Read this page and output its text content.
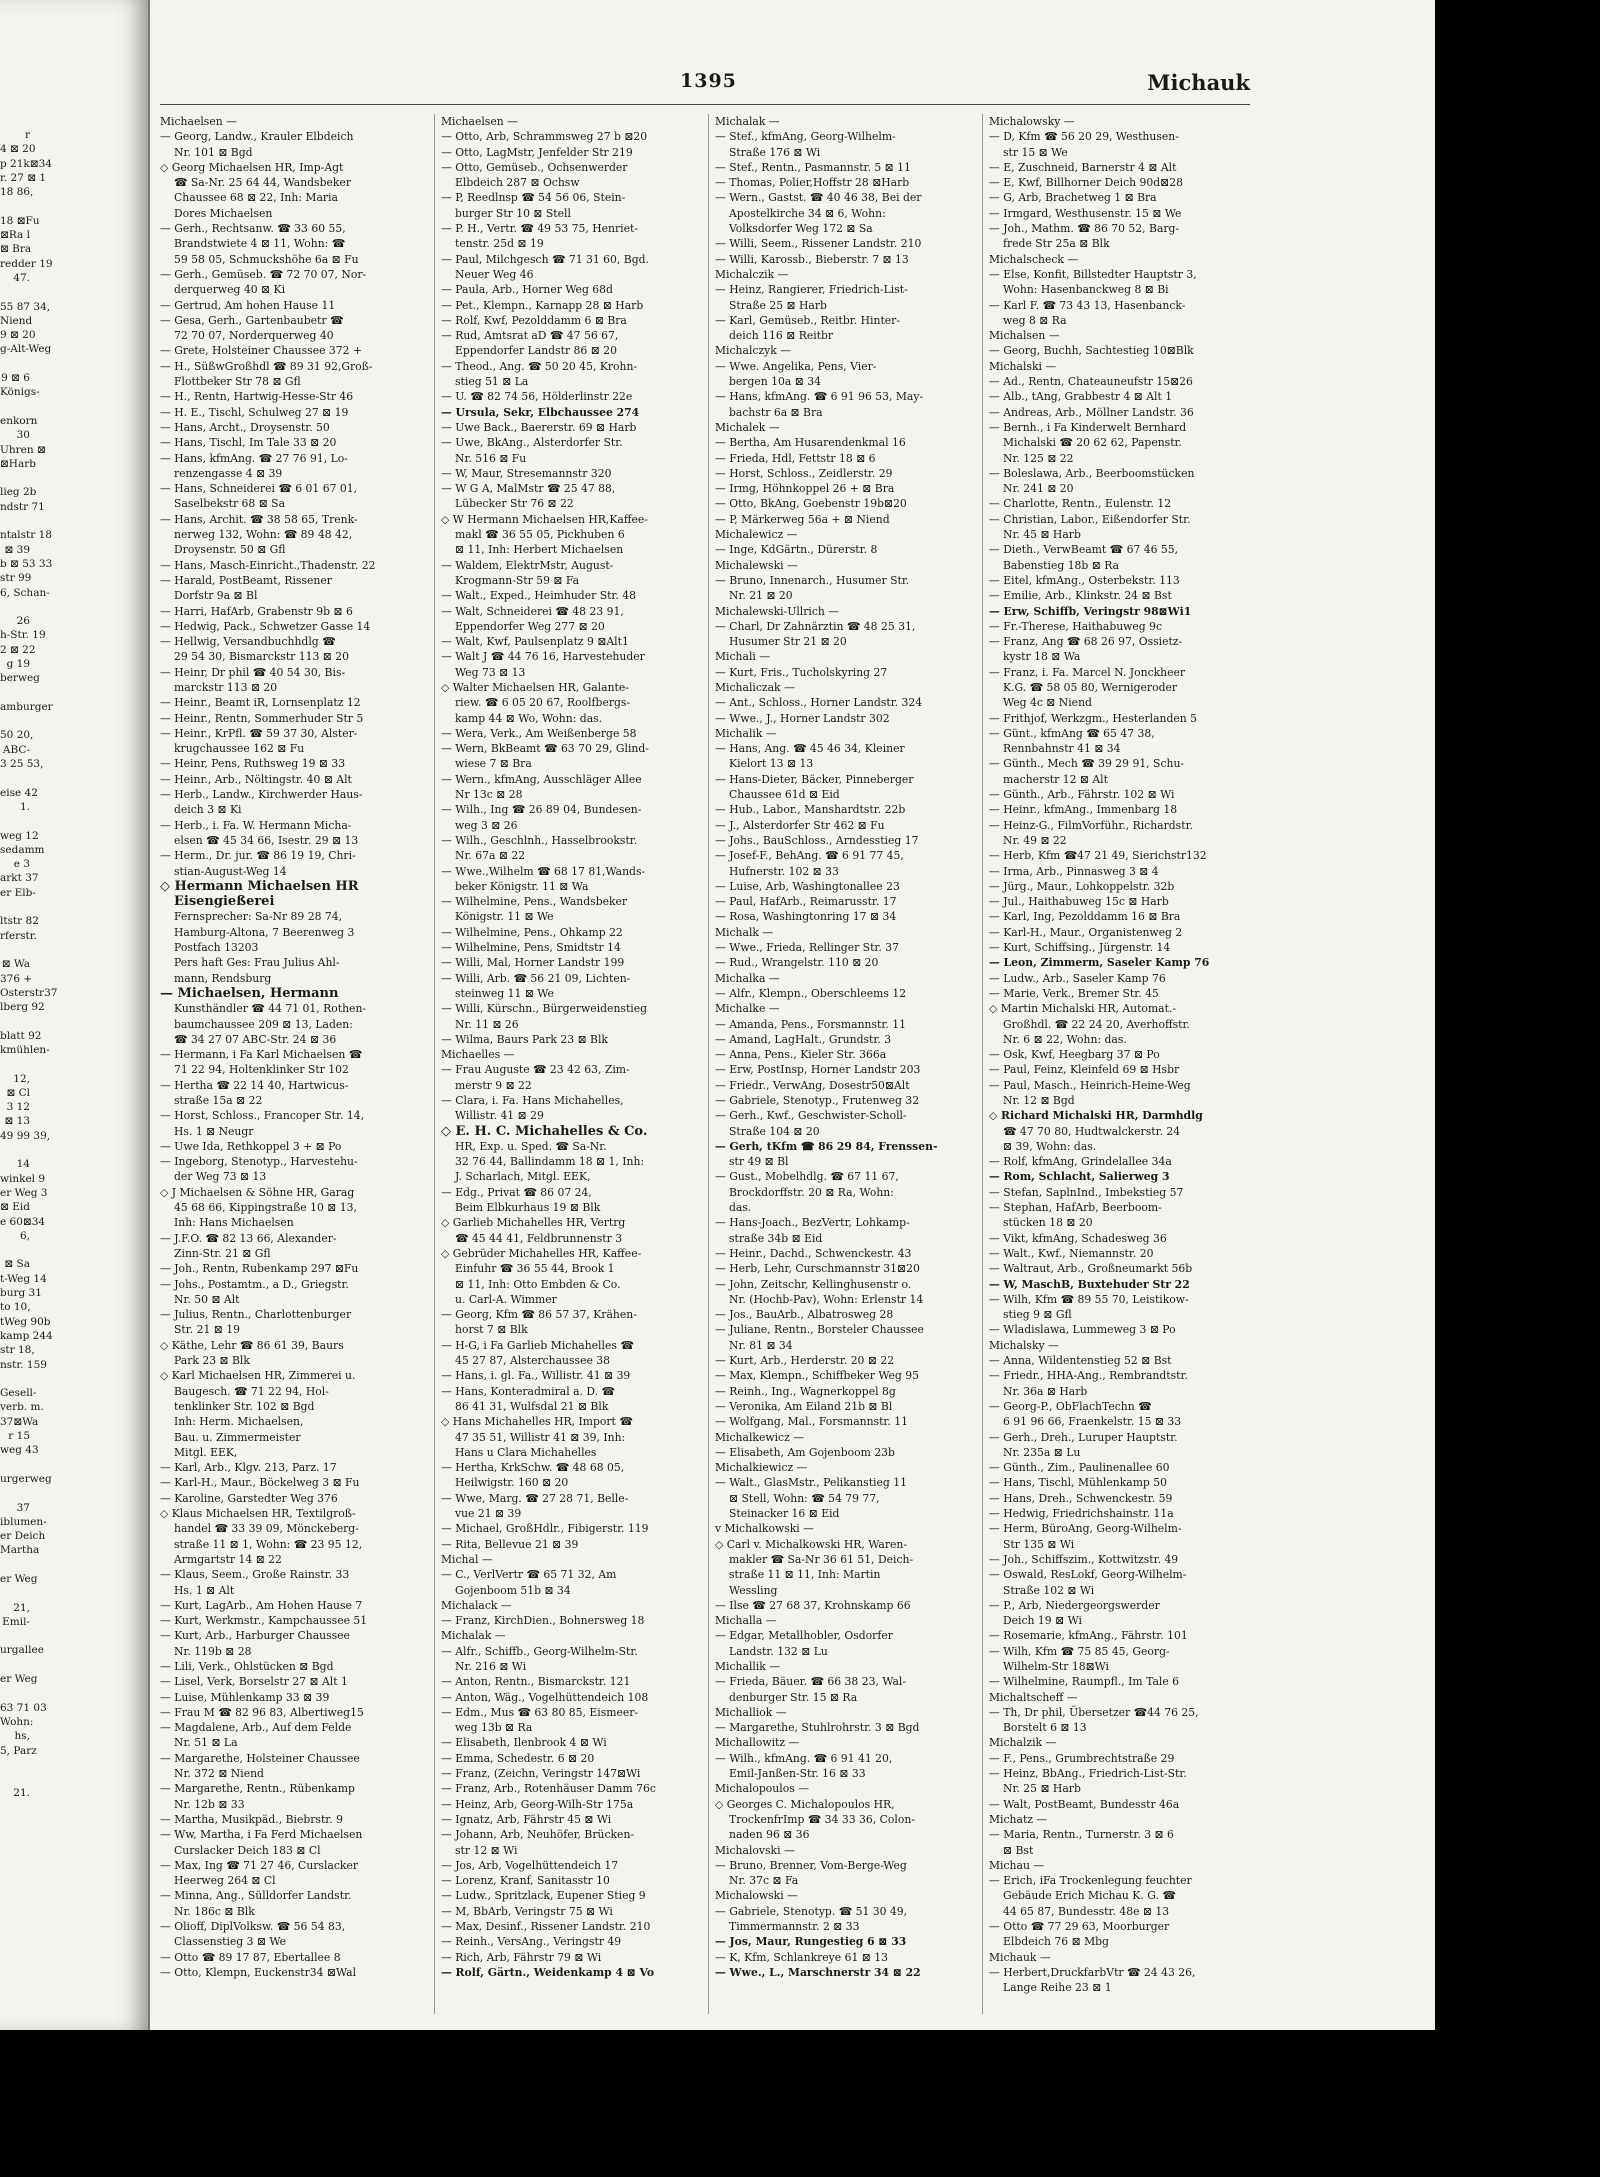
r
4 ⊠ 20
p 21k⊠34
r. 27 ⊠ 1
18 86,

18 ⊠Fu
⊠Ra l
⊠ Bra
redder 19
47.

55 87 34,
Niend
9 ⊠ 20
g-Alt-Weg

9 ⊠ 6
Königs-

enkorn
30
Uhren ⊠
⊠Harb

lieg 2b
ndstr 71

ntalstr 18
⊠ 39
b ⊠ 53 33
str 99
6, Schan-

26
h-Str. 19
2 ⊠ 22
g 19
berweg

amburger

50 20,
ABC-
3 25 53,

eise 42
1.

weg 12
sedamm
e 3
arkt 37
er Elb-

ltstr 82
rferstr.

⊠ Wa
376 +
Osterstr37
lberg 92

blatt 92
kmühlen-

12,
⊠ Cl
3 12
⊠ 13
49 99 39,

14
winkel 9
er Weg 3
⊠ Eid
e 60⊠34
6,

⊠ Sa
t-Weg 14
burg 31
to 10,
tWeg 90b
kamp 244
str 18,
nstr. 159

Gesell-
verb. m.
37⊠Wa
r 15
weg 43

urgerweg

37
iblumen-
er Deich
Martha

er Weg

21,
Emil-

urgallee

er Weg

63 71 03
Wohn:
hs,
5, Parz

21.
1395	Michauk
Michaelsen —
— Georg, Landw., Krauler Elbdeich
Nr. 101 ⊠ Bgd
◇ Georg Michaelsen HR, Imp-Agt
☎ Sa-Nr. 25 64 44, Wandsbeker
Chaussee 68 ⊠ 22, Inh: Maria
Dores Michaelsen
— Gerh., Rechtsanw. ☎ 33 60 55,
Brandstwiete 4 ⊠ 11, Wohn: ☎
59 58 05, Schmuckshöhe 6a ⊠ Fu
— Gerh., Gemüseb. ☎ 72 70 07, Nor-
derquerweg 40 ⊠ Ki
— Gertrud, Am hohen Hause 11
— Gesa, Gerh., Gartenbaubetr ☎
72 70 07, Norderquerweg 40
— Grete, Holsteiner Chaussee 372 +
— H., SüßwGroßhdl ☎ 89 31 92,Groß-
Flottbeker Str 78 ⊠ Gfl
— H., Rentn, Hartwig-Hesse-Str 46
— H. E., Tischl, Schulweg 27 ⊠ 19
— Hans, Archt., Droysenstr. 50
— Hans, Tischl, Im Tale 33 ⊠ 20
— Hans, kfmAng. ☎ 27 76 91, Lo-
renzengasse 4 ⊠ 39
— Hans, Schneiderei ☎ 6 01 67 01,
Saselbekstr 68 ⊠ Sa
— Hans, Archit. ☎ 38 58 65, Trenk-
nerweg 132, Wohn: ☎ 89 48 42,
Droysenstr. 50 ⊠ Gfl
— Hans, Masch-Einricht.,Thadenstr. 22
— Harald, PostBeamt, Rissener
Dorfstr 9a ⊠ Bl
— Harri, HafArb, Grabenstr 9b ⊠ 6
— Hedwig, Pack., Schwetzer Gasse 14
— Hellwig, Versandbuchhdlg ☎
29 54 30, Bismarckstr 113 ⊠ 20
— Heinr, Dr phil ☎ 40 54 30, Bis-
marckstr 113 ⊠ 20
— Heinr., Beamt iR, Lornsenplatz 12
— Heinr., Rentn, Sommerhuder Str 5
— Heinr., KrPfl. ☎ 59 37 30, Alster-
krugchaussee 162 ⊠ Fu
— Heinr, Pens, Ruthsweg 19 ⊠ 33
— Heinr., Arb., Nöltingstr. 40 ⊠ Alt
— Herb., Landw., Kirchwerder Haus-
deich 3 ⊠ Ki
— Herb., i. Fa. W. Hermann Micha-
elsen ☎ 45 34 66, Isestr. 29 ⊠ 13
— Herm., Dr. jur. ☎ 86 19 19, Chri-
stian-August-Weg 14
◇ Hermann Michaelsen HR
Eisengießerei
Fernsprecher: Sa-Nr 89 28 74,
Hamburg-Altona, 7 Beerenweg 3
Postfach 13203
Pers haft Ges: Frau Julius Ahl-
mann, Rendsburg
— Michaelsen, Hermann
Kunsthändler ☎ 44 71 01, Rothen-
baumchaussee 209 ⊠ 13, Laden:
☎ 34 27 07 ABC-Str. 24 ⊠ 36
— Hermann, i Fa Karl Michaelsen ☎
71 22 94, Holtenklinker Str 102
— Hertha ☎ 22 14 40, Hartwicus-
straße 15a ⊠ 22
— Horst, Schloss., Francoper Str. 14,
Hs. 1 ⊠ Neugr
— Uwe Ida, Rethkoppel 3 + ⊠ Po
— Ingeborg, Stenotyp., Harvestehu-
der Weg 73 ⊠ 13
◇ J Michaelsen & Söhne HR, Garag
45 68 66, Kippingstraße 10 ⊠ 13,
Inh: Hans Michaelsen
— J.F.O. ☎ 82 13 66, Alexander-
Zinn-Str. 21 ⊠ Gfl
— Joh., Rentn, Rubenkamp 297 ⊠Fu
— Johs., Postamtm., a D., Griegstr.
Nr. 50 ⊠ Alt
— Julius, Rentn., Charlottenburger
Str. 21 ⊠ 19
◇ Käthe, Lehr ☎ 86 61 39, Baurs
Park 23 ⊠ Blk
◇ Karl Michaelsen HR, Zimmerei u.
Baugesch. ☎ 71 22 94, Hol-
tenklinker Str. 102 ⊠ Bgd
Inh: Herm. Michaelsen,
Bau. u. Zimmermeister
Mitgl. EEK,
— Karl, Arb., Klgv. 213, Parz. 17
— Karl-H., Maur., Böckelweg 3 ⊠ Fu
— Karoline, Garstedter Weg 376
◇ Klaus Michaelsen HR, Textilgroß-
handel ☎ 33 39 09, Mönckeberg-
straße 11 ⊠ 1, Wohn: ☎ 23 95 12,
Armgartstr 14 ⊠ 22
— Klaus, Seem., Große Rainstr. 33
Hs. 1 ⊠ Alt
— Kurt, LagArb., Am Hohen Hause 7
— Kurt, Werkmstr., Kampchaussee 51
— Kurt, Arb., Harburger Chaussee
Nr. 119b ⊠ 28
— Lili, Verk., Ohlstücken ⊠ Bgd
— Lisel, Verk, Borselstr 27 ⊠ Alt 1
— Luise, Mühlenkamp 33 ⊠ 39
— Frau M ☎ 82 96 83, Albertiweg15
— Magdalene, Arb., Auf dem Felde
Nr. 51 ⊠ La
— Margarethe, Holsteiner Chaussee
Nr. 372 ⊠ Niend
— Margarethe, Rentn., Rübenkamp
Nr. 12b ⊠ 33
— Martha, Musikpäd., Biebrstr. 9
— Ww, Martha, i Fa Ferd Michaelsen
Curslacker Deich 183 ⊠ Cl
— Max, Ing ☎ 71 27 46, Curslacker
Heerweg 264 ⊠ Cl
— Minna, Ang., Sülldorfer Landstr.
Nr. 186c ⊠ Blk
— Olioff, DiplVolksw. ☎ 56 54 83,
Classenstieg 3 ⊠ We
— Otto ☎ 89 17 87, Ebertallee 8
— Otto, Klempn, Euckenstr34 ⊠Wal
Michaelsen —
— Otto, Arb, Schrammsweg 27 b ⊠20
— Otto, LagMstr, Jenfelder Str 219
— Otto, Gemüseb., Ochsenwerder
Elbdeich 287 ⊠ Ochsw
— P, Reedlnsp ☎ 54 56 06, Stein-
burger Str 10 ⊠ Stell
— P. H., Vertr. ☎ 49 53 75, Henriet-
tenstr. 25d ⊠ 19
— Paul, Milchgesch ☎ 71 31 60, Bgd.
Neuer Weg 46
— Paula, Arb., Horner Weg 68d
— Pet., Klempn., Karnapp 28 ⊠ Harb
— Rolf, Kwf, Pezolddamm 6 ⊠ Bra
— Rud, Amtsrat aD ☎ 47 56 67,
Eppendorfer Landstr 86 ⊠ 20
— Theod., Ang. ☎ 50 20 45, Krohn-
stieg 51 ⊠ La
— U. ☎ 82 74 56, Hölderlinstr 22e
— Ursula, Sekr, Elbchaussee 274
— Uwe Back., Baererstr. 69 ⊠ Harb
— Uwe, BkAng., Alsterdorfer Str.
Nr. 516 ⊠ Fu
— W, Maur, Stresemannstr 320
— W G A, MalMstr ☎ 25 47 88,
Lübecker Str 76 ⊠ 22
◇ W Hermann Michaelsen HR,Kaffee-
makl ☎ 36 55 05, Pickhuben 6
⊠ 11, Inh: Herbert Michaelsen
— Waldem, ElektrMstr, August-
Krogmann-Str 59 ⊠ Fa
— Walt., Exped., Heimhuder Str. 48
— Walt, Schneiderei ☎ 48 23 91,
Eppendorfer Weg 277 ⊠ 20
— Walt, Kwf, Paulsenplatz 9 ⊠Alt1
— Walt J ☎ 44 76 16, Harvestehuder
Weg 73 ⊠ 13
◇ Walter Michaelsen HR, Galante-
riew. ☎ 6 05 20 67, Roolfbergs-
kamp 44 ⊠ Wo, Wohn: das.
— Wera, Verk., Am Weißenberge 58
— Wern, BkBeamt ☎ 63 70 29, Glind-
wiese 7 ⊠ Bra
— Wern., kfmAng, Ausschläger Allee
Nr 13c ⊠ 28
— Wilh., Ing ☎ 26 89 04, Bundesen-
weg 3 ⊠ 26
— Wilh., Geschlnh., Hasselbrookstr.
Nr. 67a ⊠ 22
— Wwe.,Wilhelm ☎ 68 17 81,Wands-
beker Königstr. 11 ⊠ Wa
— Wilhelmine, Pens., Wandsbeker
Königstr. 11 ⊠ We
— Wilhelmine, Pens., Ohkamp 22
— Wilhelmine, Pens, Smidtstr 14
— Willi, Mal, Horner Landstr 199
— Willi, Arb. ☎ 56 21 09, Lichten-
steinweg 11 ⊠ We
— Willi, Kürschn., Bürgerweidenstieg
Nr. 11 ⊠ 26
— Wilma, Baurs Park 23 ⊠ Blk
Michaelles —
— Frau Auguste ☎ 23 42 63, Zim-
merstr 9 ⊠ 22
— Clara, i. Fa. Hans Michahelles,
Willistr. 41 ⊠ 29
◇ E. H. C. Michahelles & Co.
HR, Exp. u. Sped. ☎ Sa-Nr.
32 76 44, Ballindamm 18 ⊠ 1, Inh:
J. Scharlach, Mitgl. EEK,
— Edg., Privat ☎ 86 07 24,
Beim Elbkurhaus 19 ⊠ Blk
◇ Garlieb Michahelles HR, Vertrg
☎ 45 44 41, Feldbrunnenstr 3
◇ Gebrüder Michahelles HR, Kaffee-
Einfuhr ☎ 36 55 44, Brook 1
⊠ 11, Inh: Otto Embden & Co.
u. Carl-A. Wimmer
— Georg, Kfm ☎ 86 57 37, Krähen-
horst 7 ⊠ Blk
— H-G, i Fa Garlieb Michahelles ☎
45 27 87, Alsterchaussee 38
— Hans, i. gl. Fa., Willistr. 41 ⊠ 39
— Hans, Konteradmiral a. D. ☎
86 41 31, Wulfsdal 21 ⊠ Blk
◇ Hans Michahelles HR, Import ☎
47 35 51, Willistr 41 ⊠ 39, Inh:
Hans u Clara Michahelles
— Hertha, KrkSchw. ☎ 48 68 05,
Heilwigstr. 160 ⊠ 20
— Wwe, Marg. ☎ 27 28 71, Belle-
vue 21 ⊠ 39
— Michael, GroßHdlr., Fibigerstr. 119
— Rita, Bellevue 21 ⊠ 39
Michal —
— C., VerlVertr ☎ 65 71 32, Am
Gojenboom 51b ⊠ 34
Michalack —
— Franz, KirchDien., Bohnersweg 18
Michalak —
— Alfr., Schiffb., Georg-Wilhelm-Str.
Nr. 216 ⊠ Wi
— Anton, Rentn., Bismarckstr. 121
— Anton, Wäg., Vogelhüttendeich 108
— Edm., Mus ☎ 63 80 85, Eismeer-
weg 13b ⊠ Ra
— Elisabeth, Ilenbrook 4 ⊠ Wi
— Emma, Schedestr. 6 ⊠ 20
— Franz, (Zeichn, Veringstr 147⊠Wi
— Franz, Arb., Rotenhäuser Damm 76c
— Heinz, Arb, Georg-Wilh-Str 175a
— Ignatz, Arb, Fährstr 45 ⊠ Wi
— Johann, Arb, Neuhöfer, Brücken-
str 12 ⊠ Wi
— Jos, Arb, Vogelhüttendeich 17
— Lorenz, Kranf, Sanitasstr 10
— Ludw., Spritzlack, Eupener Stieg 9
— M, BbArb, Veringstr 75 ⊠ Wi
— Max, Desinf., Rissener Landstr. 210
— Reinh., VersAng., Veringstr 49
— Rich, Arb, Fährstr 79 ⊠ Wi
— Rolf, Gärtn., Weidenkamp 4 ⊠ Vo
Michalak —
— Stef., kfmAng, Georg-Wilhelm-
Straße 176 ⊠ Wi
— Stef., Rentn., Pasmannstr. 5 ⊠ 11
— Thomas, Polier,Hoffstr 28 ⊠Harb
— Wern., Gastst. ☎ 40 46 38, Bei der
Apostelkirche 34 ⊠ 6, Wohn:
Volksdorfer Weg 172 ⊠ Sa
— Willi, Seem., Rissener Landstr. 210
— Willi, Karossb., Bieberstr. 7 ⊠ 13
Michalczik —
— Heinz, Rangierer, Friedrich-List-
Straße 25 ⊠ Harb
— Karl, Gemüseb., Reitbr. Hinter-
deich 116 ⊠ Reitbr
Michalczyk —
— Wwe. Angelika, Pens, Vier-
bergen 10a ⊠ 34
— Hans, kfmAng. ☎ 6 91 96 53, May-
bachstr 6a ⊠ Bra
Michalek —
— Bertha, Am Husarendenkmal 16
— Frieda, Hdl, Fettstr 18 ⊠ 6
— Horst, Schloss., Zeidlerstr. 29
— Irmg, Höhnkoppel 26 + ⊠ Bra
— Otto, BkAng, Goebenstr 19b⊠20
— P, Märkerweg 56a + ⊠ Niend
Michalewicz —
— Inge, KdGärtn., Dürerstr. 8
Michalewski —
— Bruno, Innenarch., Husumer Str.
Nr. 21 ⊠ 20
Michalewski-Ullrich —
— Charl, Dr Zahnärztin ☎ 48 25 31,
Husumer Str 21 ⊠ 20
Michali —
— Kurt, Fris., Tucholskyring 27
Michaliczak —
— Ant., Schloss., Horner Landstr. 324
— Wwe., J., Horner Landstr 302
Michalik —
— Hans, Ang. ☎ 45 46 34, Kleiner
Kielort 13 ⊠ 13
— Hans-Dieter, Bäcker, Pinneberger
Chaussee 61d ⊠ Eid
— Hub., Labor., Manshardtstr. 22b
— J., Alsterdorfer Str 462 ⊠ Fu
— Johs., BauSchloss., Arndesstieg 17
— Josef-F., BehAng. ☎ 6 91 77 45,
Hufnerstr. 102 ⊠ 33
— Luise, Arb, Washingtonallee 23
— Paul, HafArb., Reimarusstr. 17
— Rosa, Washingtonring 17 ⊠ 34
Michalk —
— Wwe., Frieda, Rellinger Str. 37
— Rud., Wrangelstr. 110 ⊠ 20
Michalka —
— Alfr., Klempn., Oberschleems 12
Michalke —
— Amanda, Pens., Forsmannstr. 11
— Amand, LagHalt., Grundstr. 3
— Anna, Pens., Kieler Str. 366a
— Erw, PostInsp, Horner Landstr 203
— Friedr., VerwAng, Dosestr50⊠Alt
— Gabriele, Stenotyp., Frutenweg 32
— Gerh., Kwf., Geschwister-Scholl-
Straße 104 ⊠ 20
— Gerh, tKfm ☎ 86 29 84, Frenssen-
str 49 ⊠ Bl
— Gust., Mobelhdlg. ☎ 67 11 67,
Brockdorffstr. 20 ⊠ Ra, Wohn:
das.
— Hans-Joach., BezVertr, Lohkamp-
straße 34b ⊠ Eid
— Heinr., Dachd., Schwenckestr. 43
— Herb, Lehr, Curschmannstr 31⊠20
— John, Zeitschr, Kellinghusenstr o.
Nr. (Hochb-Pav), Wohn: Erlenstr 14
— Jos., BauArb., Albatrosweg 28
— Juliane, Rentn., Borsteler Chaussee
Nr. 81 ⊠ 34
— Kurt, Arb., Herderstr. 20 ⊠ 22
— Max, Klempn., Schiffbeker Weg 95
— Reinh., Ing., Wagnerkoppel 8g
— Veronika, Am Eiland 21b ⊠ Bl
— Wolfgang, Mal., Forsmannstr. 11
Michalkewicz —
— Elisabeth, Am Gojenboom 23b
Michalkiewicz —
— Walt., GlasMstr., Pelikanstieg 11
⊠ Stell, Wohn: ☎ 54 79 77,
Steinacker 16 ⊠ Eid
v Michalkowski —
◇ Carl v. Michalkowski HR, Waren-
makler ☎ Sa-Nr 36 61 51, Deich-
straße 11 ⊠ 11, Inh: Martin
Wessling
— Ilse ☎ 27 68 37, Krohnskamp 66
Michalla —
— Edgar, Metallhobler, Osdorfer
Landstr. 132 ⊠ Lu
Michallik —
— Frieda, Bäuer. ☎ 66 38 23, Wal-
denburger Str. 15 ⊠ Ra
Michalliok —
— Margarethe, Stuhlrohrstr. 3 ⊠ Bgd
Michallowitz —
— Wilh., kfmAng. ☎ 6 91 41 20,
Emil-Janßen-Str. 16 ⊠ 33
Michalopoulos —
◇ Georges C. Michalopoulos HR,
TrockenfrImp ☎ 34 33 36, Colon-
naden 96 ⊠ 36
Michalovski —
— Bruno, Brenner, Vom-Berge-Weg
Nr. 37c ⊠ Fa
Michalowski —
— Gabriele, Stenotyp. ☎ 51 30 49,
Timmermannstr. 2 ⊠ 33
— Jos, Maur, Rungestieg 6 ⊠ 33
— K, Kfm, Schlankreye 61 ⊠ 13
— Wwe., L., Marschnerstr 34 ⊠ 22
Michalowsky —
— D, Kfm ☎ 56 20 29, Westhusen-
str 15 ⊠ We
— E, Zuschneid, Barnerstr 4 ⊠ Alt
— E, Kwf, Billhorner Deich 90d⊠28
— G, Arb, Brachetweg 1 ⊠ Bra
— Irmgard, Westhusenstr. 15 ⊠ We
— Joh., Mathm. ☎ 86 70 52, Barg-
frede Str 25a ⊠ Blk
Michalscheck —
— Else, Konfit, Billstedter Hauptstr 3,
Wohn: Hasenbanckweg 8 ⊠ Bi
— Karl F. ☎ 73 43 13, Hasenbanck-
weg 8 ⊠ Ra
Michalsen —
— Georg, Buchh, Sachtestieg 10⊠Blk
Michalski —
— Ad., Rentn, Chateauneufstr 15⊠26
— Alb., tAng, Grabbestr 4 ⊠ Alt 1
— Andreas, Arb., Möllner Landstr. 36
— Bernh., i Fa Kinderwelt Bernhard
Michalski ☎ 20 62 62, Papenstr.
Nr. 125 ⊠ 22
— Boleslawa, Arb., Beerboomstücken
Nr. 241 ⊠ 20
— Charlotte, Rentn., Eulenstr. 12
— Christian, Labor., Eißendorfer Str.
Nr. 45 ⊠ Harb
— Dieth., VerwBeamt ☎ 67 46 55,
Babenstieg 18b ⊠ Ra
— Eitel, kfmAng., Osterbekstr. 113
— Emilie, Arb., Klinkstr. 24 ⊠ Bst
— Erw, Schiffb, Veringstr 98⊠Wi1
— Fr.-Therese, Haithabuweg 9c
— Franz, Ang ☎ 68 26 97, Ossietz-
kystr 18 ⊠ Wa
— Franz, i. Fa. Marcel N. Jonckheer
K.G. ☎ 58 05 80, Wernigeroder
Weg 4c ⊠ Niend
— Frithjof, Werkzgm., Hesterlanden 5
— Günt., kfmAng ☎ 65 47 38,
Rennbahnstr 41 ⊠ 34
— Günth., Mech ☎ 39 29 91, Schu-
macherstr 12 ⊠ Alt
— Günth., Arb., Fährstr. 102 ⊠ Wi
— Heinr., kfmAng., Immenbarg 18
— Heinz-G., FilmVorführ., Richardstr.
Nr. 49 ⊠ 22
— Herb, Kfm ☎47 21 49, Sierichstr132
— Irma, Arb., Pinnasweg 3 ⊠ 4
— Jürg., Maur., Lohkoppelstr. 32b
— Jul., Haithabuweg 15c ⊠ Harb
— Karl, Ing, Pezolddamm 16 ⊠ Bra
— Karl-H., Maur., Organistenweg 2
— Kurt, Schiffsing., Jürgenstr. 14
— Leon, Zimmerm, Saseler Kamp 76
— Ludw., Arb., Saseler Kamp 76
— Marie, Verk., Bremer Str. 45
◇ Martin Michalski HR, Automat.-
Großhdl. ☎ 22 24 20, Averhoffstr.
Nr. 6 ⊠ 22, Wohn: das.
— Osk, Kwf, Heegbarg 37 ⊠ Po
— Paul, Feinz, Kleinfeld 69 ⊠ Hsbr
— Paul, Masch., Heinrich-Heine-Weg
Nr. 12 ⊠ Bgd
◇ Richard Michalski HR, Darmhdlg
☎ 47 70 80, Hudtwalckerstr. 24
⊠ 39, Wohn: das.
— Rolf, kfmAng, Grindelallee 34a
— Rom, Schlacht, Salierweg 3
— Stefan, SaplnInd., Imbekstieg 57
— Stephan, HafArb, Beerboom-
stücken 18 ⊠ 20
— Vikt, kfmAng, Schadesweg 36
— Walt., Kwf., Niemannstr. 20
— Waltraut, Arb., Großneumarkt 56b
— W, MaschB, Buxtehuder Str 22
— Wilh, Kfm ☎ 89 55 70, Leistikow-
stieg 9 ⊠ Gfl
— Wladislawa, Lummeweg 3 ⊠ Po
Michalsky —
— Anna, Wildentenstieg 52 ⊠ Bst
— Friedr., HHA-Ang., Rembrandtstr.
Nr. 36a ⊠ Harb
— Georg-P., ObFlachTechn ☎
6 91 96 66, Fraenkelstr. 15 ⊠ 33
— Gerh., Dreh., Luruper Hauptstr.
Nr. 235a ⊠ Lu
— Günth., Zim., Paulinenallee 60
— Hans, Tischl, Mühlenkamp 50
— Hans, Dreh., Schwenckestr. 59
— Hedwig, Friedrichshainstr. 11a
— Herm, BüroAng, Georg-Wilhelm-
Str 135 ⊠ Wi
— Joh., Schiffszim., Kottwitzstr. 49
— Oswald, ResLokf, Georg-Wilhelm-
Straße 102 ⊠ Wi
— P., Arb, Niedergeorgswerder
Deich 19 ⊠ Wi
— Rosemarie, kfmAng., Fährstr. 101
— Wilh, Kfm ☎ 75 85 45, Georg-
Wilhelm-Str 18⊠Wi
— Wilhelmine, Raumpfl., Im Tale 6
Michaltscheff —
— Th, Dr phil, Übersetzer ☎44 76 25,
Borstelt 6 ⊠ 13
Michalzik —
— F., Pens., Grumbrechtstraße 29
— Heinz, BbAng., Friedrich-List-Str.
Nr. 25 ⊠ Harb
— Walt, PostBeamt, Bundesstr 46a
Michatz —
— Maria, Rentn., Turnerstr. 3 ⊠ 6
⊠ Bst
Michau —
— Erich, iFa Trockenlegung feuchter
Gebäude Erich Michau K. G. ☎
44 65 87, Bundesstr. 48e ⊠ 13
— Otto ☎ 77 29 63, Moorburger
Elbdeich 76 ⊠ Mbg
Michauk —
— Herbert,DruckfarbVtr ☎ 24 43 26,
Lange Reihe 23 ⊠ 1
